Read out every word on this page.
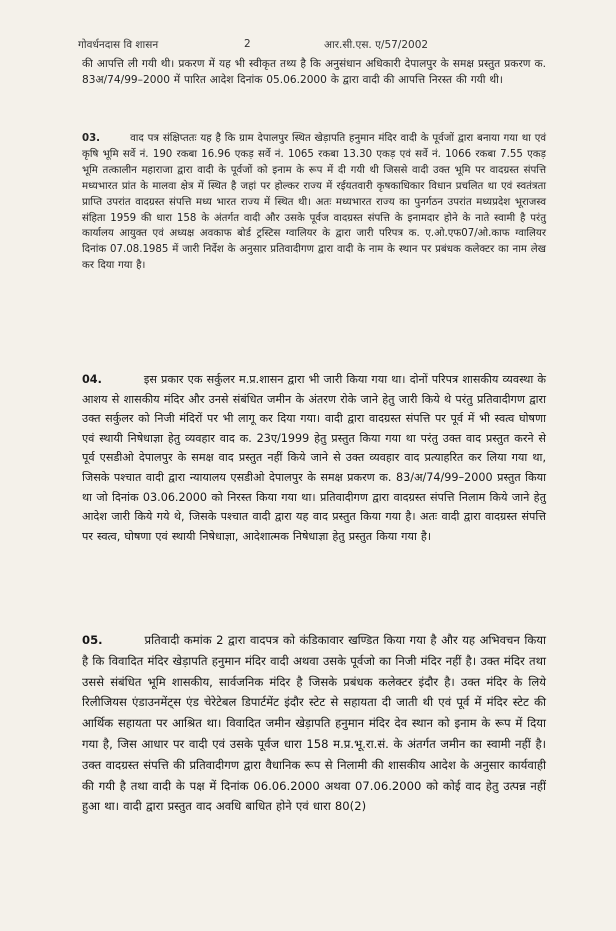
गोवर्धनदास वि शासन	2	आर.सी.एस. ए/57/2002

की आपत्ति ली गयी थी। प्रकरण में यह भी स्वीकृत तथ्य है कि अनुसंधान अधिकारी देपालपुर के समक्ष प्रस्तुत प्रकरण क. 83अ/74/99–2000 में पारित आदेश दिनांक 05.06.2000 के द्वारा वादी की आपत्ति निरस्त की गयी थी।

03.	वाद पत्र संक्षिप्ततः यह है कि ग्राम देपालपुर स्थित खेड़ापति हनुमान मंदिर वादी के पूर्वजों द्वारा बनाया गया था एवं कृषि भूमि सर्वे नं. 190 रकबा 16.96 एकड़ सर्वे नं. 1065 रकबा 13.30 एकड़ एवं सर्वे नं. 1066 रकबा 7.55 एकड़ भूमि तत्कालीन महाराजा द्वारा वादी के पूर्वजों को इनाम के रूप में दी गयी थी जिससे वादी उक्त भूमि पर वादग्रस्त संपत्ति मध्यभारत प्रांत के मालवा क्षेत्र में स्थित है जहां पर होल्कर राज्य में रईयतवारी कृषकाधिकार विधान प्रचलित था एवं स्वतंत्रता प्राप्ति उपरांत वादग्रस्त संपत्ति मध्य भारत राज्य में स्थित थी। अतः मध्यभारत राज्य का पुनर्गठन उपरांत मध्यप्रदेश भूराजस्व संहिता 1959 की धारा 158 के अंतर्गत वादी और उसके पूर्वज वादग्रस्त संपत्ति के इनामदार होने के नाते स्वामी है परंतु कार्यालय आयुक्त एवं अध्यक्ष अवकाफ बोर्ड ट्रस्टिस ग्वालियर के द्वारा जारी परिपत्र क. ए.ओ.एफ07/ओ.काफ ग्वालियर दिनांक 07.08.1985 में जारी निर्देश के अनुसार प्रतिवादीगण द्वारा वादी के नाम के स्थान पर प्रबंधक कलेक्टर का नाम लेख कर दिया गया है।

04.	इस प्रकार एक सर्कुलर म.प्र.शासन द्वारा भी जारी किया गया था। दोनों परिपत्र शासकीय व्यवस्था के आशय से शासकीय मंदिर और उनसे संबंधित जमीन के अंतरण रोके जाने हेतु जारी किये थे परंतु प्रतिवादीगण द्वारा उक्त सर्कुलर को निजी मंदिरों पर भी लागू कर दिया गया। वादी द्वारा वादग्रस्त संपत्ति पर पूर्व में भी स्वत्व घोषणा एवं स्थायी निषेधाज्ञा हेतु व्यवहार वाद क. 23ए/1999 हेतु प्रस्तुत किया गया था परंतु उक्त वाद प्रस्तुत करने से पूर्व एसडीओ देपालपुर के समक्ष वाद प्रस्तुत नहीं किये जाने से उक्त व्यवहार वाद प्रत्याहरित कर लिया गया था, जिसके पश्चात वादी द्वारा न्यायालय एसडीओ देपालपुर के समक्ष प्रकरण क. 83/अ/74/99–2000 प्रस्तुत किया था जो दिनांक 03.06.2000 को निरस्त किया गया था। प्रतिवादीगण द्वारा वादग्रस्त संपत्ति निलाम किये जाने हेतु आदेश जारी किये गये थे, जिसके पश्चात वादी द्वारा यह वाद प्रस्तुत किया गया है। अतः वादी द्वारा वादग्रस्त संपत्ति पर स्वत्व, घोषणा एवं स्थायी निषेधाज्ञा, आदेशात्मक निषेधाज्ञा हेतु प्रस्तुत किया गया है।

05.	प्रतिवादी कमांक 2 द्वारा वादपत्र को कंडिकावार खण्डित किया गया है और यह अभिवचन किया है कि विवादित मंदिर खेड़ापति हनुमान मंदिर वादी अथवा उसके पूर्वजो का निजी मंदिर नहीं है। उक्त मंदिर तथा उससे संबंधित भूमि शासकीय, सार्वजनिक मंदिर है जिसके प्रबंधक कलेक्टर इंदौर है। उक्त मंदिर के लिये रिलीजियस एंडाउनमेंट्स एंड चेरेटेबल डिपार्टमेंट इंदौर स्टेट से सहायता दी जाती थी एवं पूर्व में मंदिर स्टेट की आर्थिक सहायता पर आश्रित था। विवादित जमीन खेड़ापति हनुमान मंदिर देव स्थान को इनाम के रूप में दिया गया है, जिस आधार पर वादी एवं उसके पूर्वज धारा 158 म.प्र.भू.रा.सं. के अंतर्गत जमीन का स्वामी नहीं है। उक्त वादग्रस्त संपत्ति की प्रतिवादीगण द्वारा वैधानिक रूप से निलामी की शासकीय आदेश के अनुसार कार्यवाही की गयी है तथा वादी के पक्ष में दिनांक 06.06.2000 अथवा 07.06.2000 को कोई वाद हेतु उत्पन्न नहीं हुआ था। वादी द्वारा प्रस्तुत वाद अवधि बाधित होने एवं धारा 80(2)
